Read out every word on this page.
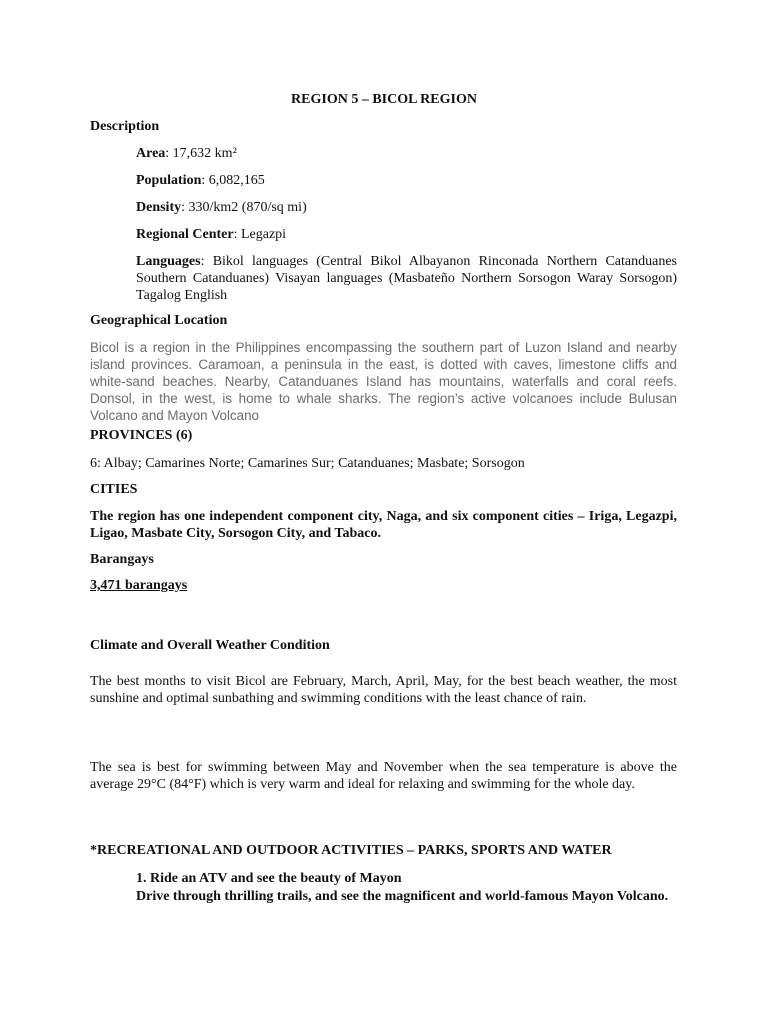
REGION 5 – BICOL REGION

Description

Area: 17,632 km²

Population: 6,082,165

Density: 330/km2 (870/sq mi)

Regional Center: Legazpi

Languages: Bikol languages (Central Bikol Albayanon Rinconada Northern Catanduanes Southern Catanduanes) Visayan languages (Masbateño Northern Sorsogon Waray Sorsogon) Tagalog English

Geographical Location

Bicol is a region in the Philippines encompassing the southern part of Luzon Island and nearby island provinces. Caramoan, a peninsula in the east, is dotted with caves, limestone cliffs and white-sand beaches. Nearby, Catanduanes Island has mountains, waterfalls and coral reefs. Donsol, in the west, is home to whale sharks. The region’s active volcanoes include Bulusan Volcano and Mayon Volcano

PROVINCES (6)

6: Albay; Camarines Norte; Camarines Sur; Catanduanes; Masbate; Sorsogon

CITIES

The region has one independent component city, Naga, and six component cities – Iriga, Legazpi, Ligao, Masbate City, Sorsogon City, and Tabaco.

Barangays

3,471 barangays

Climate and Overall Weather Condition

The best months to visit Bicol are February, March, April, May, for the best beach weather, the most sunshine and optimal sunbathing and swimming conditions with the least chance of rain.

The sea is best for swimming between May and November when the sea temperature is above the average 29°C (84°F) which is very warm and ideal for relaxing and swimming for the whole day.

*RECREATIONAL AND OUTDOOR ACTIVITIES – PARKS, SPORTS AND WATER

1. Ride an ATV and see the beauty of Mayon

Drive through thrilling trails, and see the magnificent and world-famous Mayon Volcano.
